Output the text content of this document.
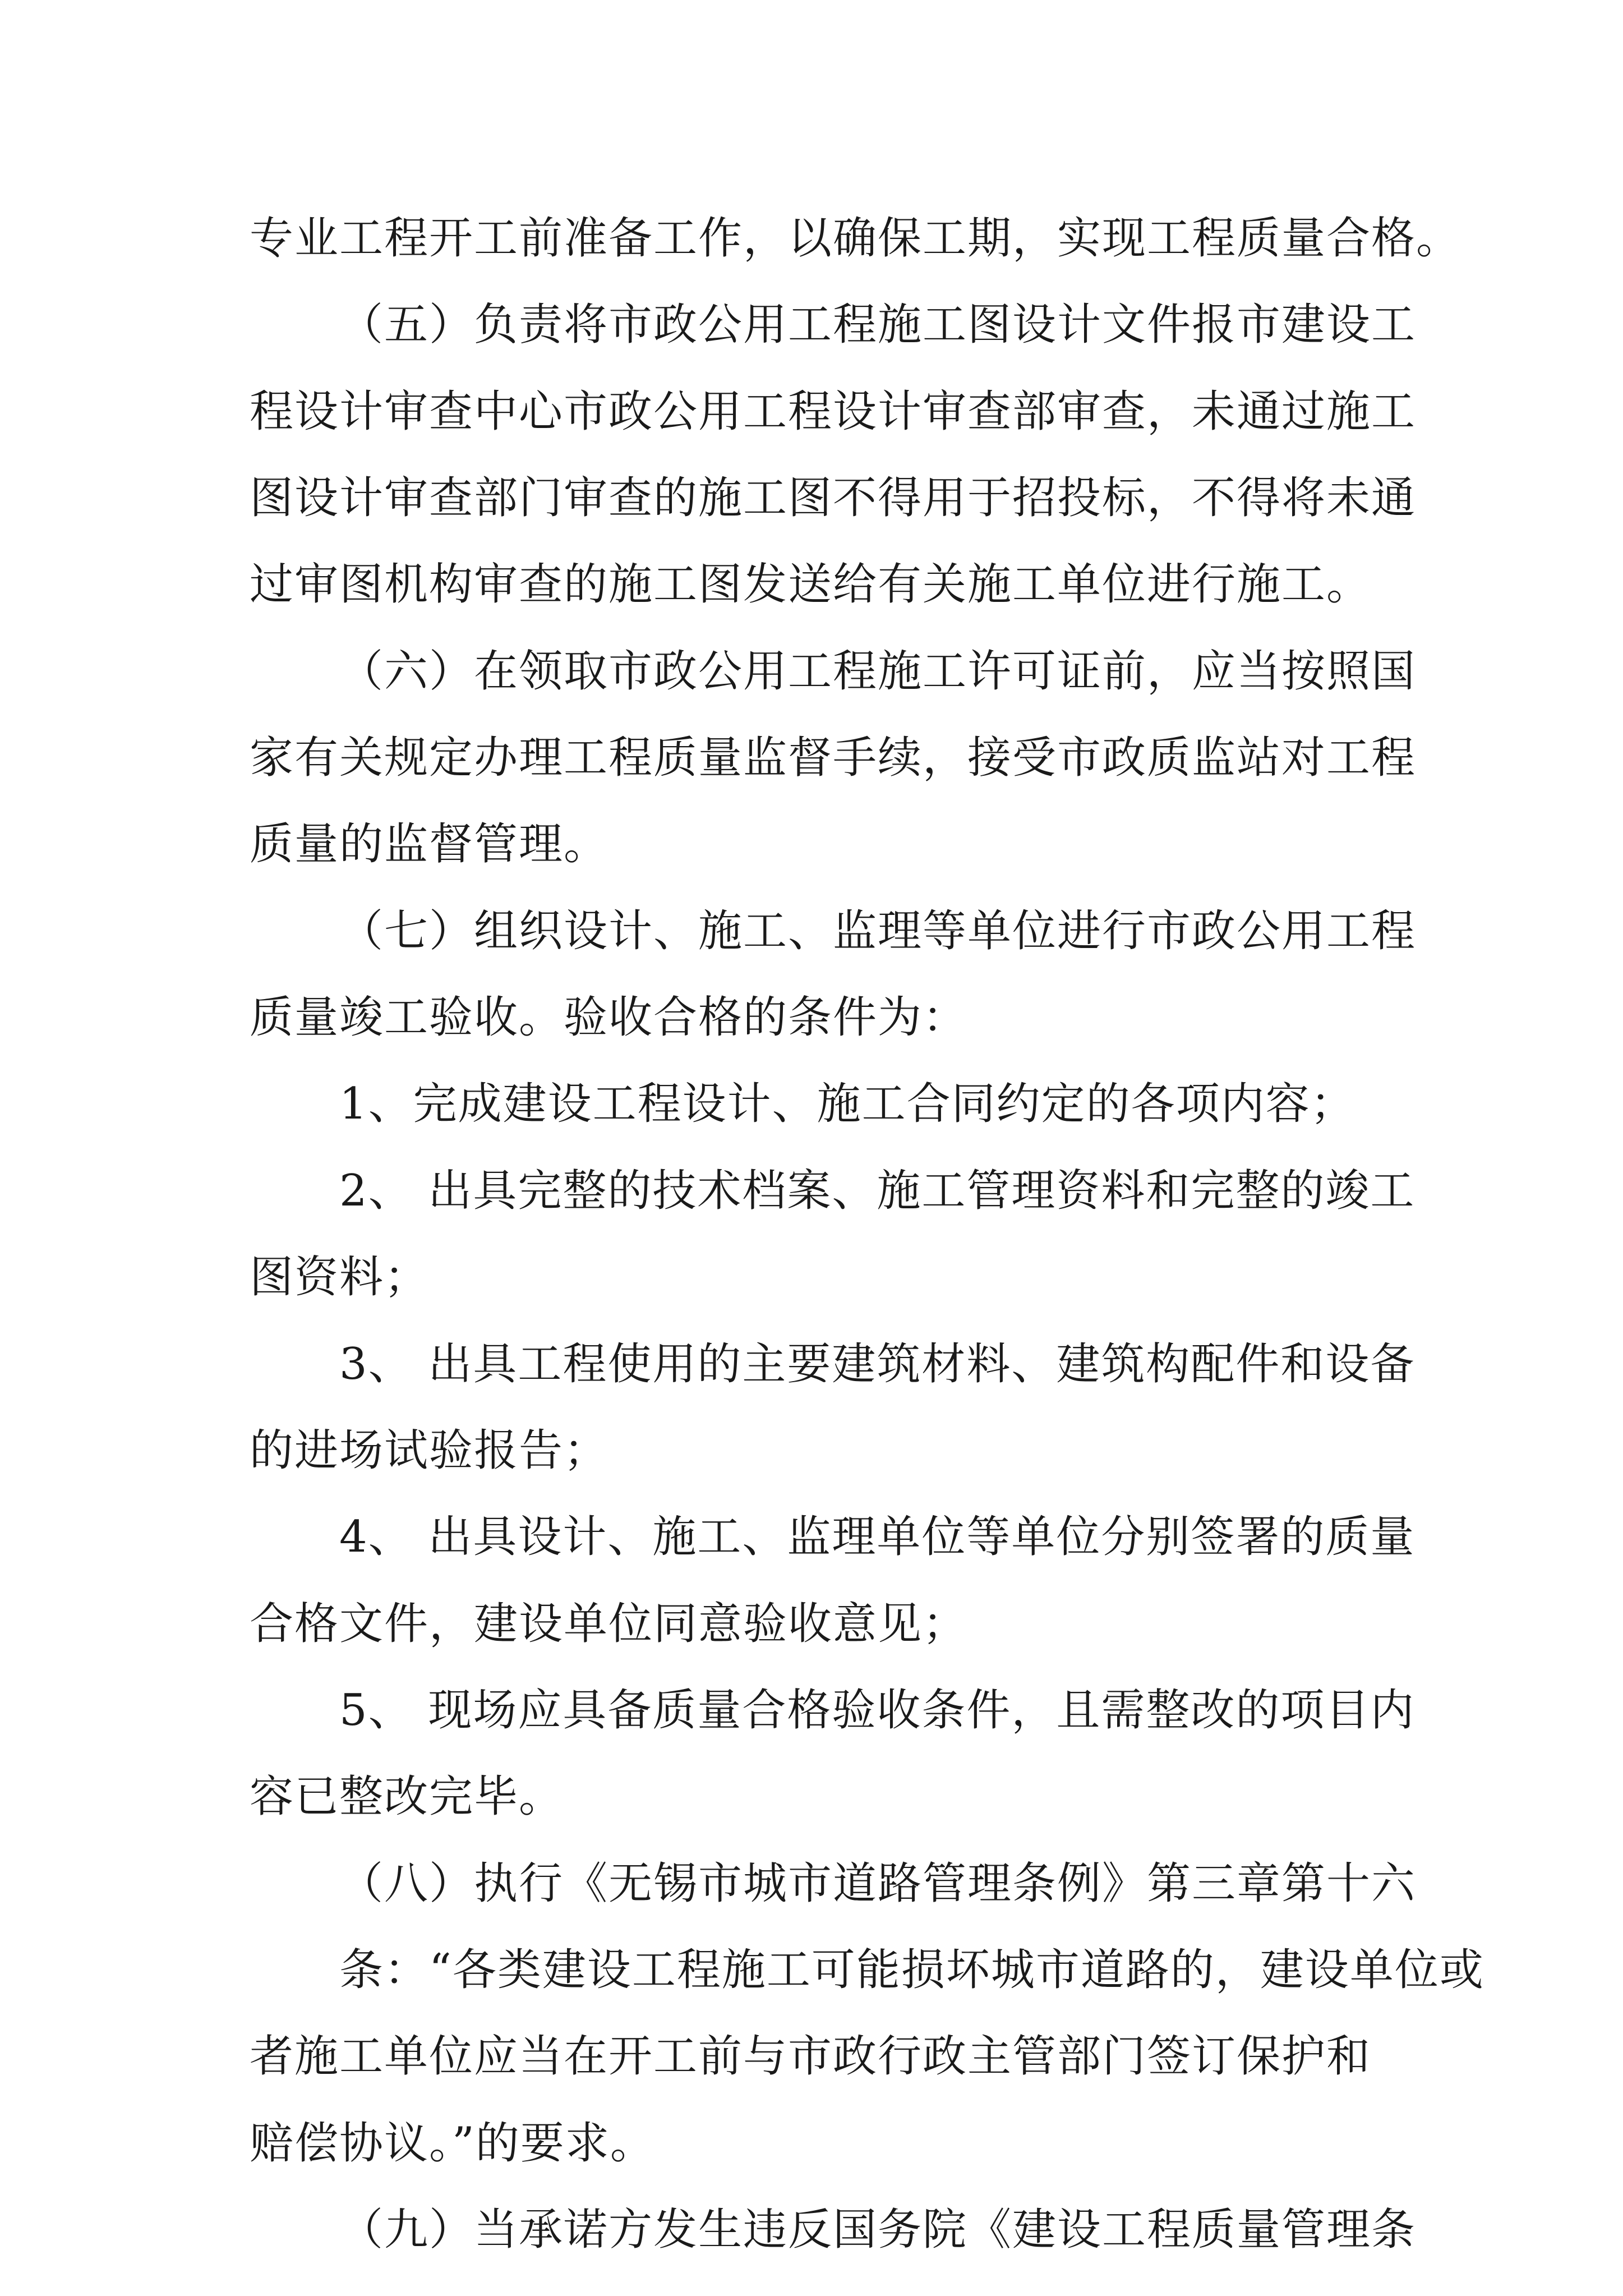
专业工程开工前准备工作，以确保工期，实现工程质量合格。
（五）负责将市政公用工程施工图设计文件报市建设工
程设计审查中心市政公用工程设计审查部审查，未通过施工
图设计审查部门审查的施工图不得用于招投标，不得将未通
过审图机构审查的施工图发送给有关施工单位进行施工。
（六）在领取市政公用工程施工许可证前，应当按照国
家有关规定办理工程质量监督手续，接受市政质监站对工程
质量的监督管理。
（七）组织设计、施工、监理等单位进行市政公用工程
质量竣工验收。验收合格的条件为：
1、完成建设工程设计、施工合同约定的各项内容；
2、 出具完整的技术档案、施工管理资料和完整的竣工
图资料；
3、 出具工程使用的主要建筑材料、建筑构配件和设备
的进场试验报告；
4、 出具设计、施工、监理单位等单位分别签署的质量
合格文件，建设单位同意验收意见；
5、 现场应具备质量合格验收条件，且需整改的项目内
容已整改完毕。
（八）执行《无锡市城市道路管理条例》第三章第十六
条：“各类建设工程施工可能损坏城市道路的，建设单位或
者施工单位应当在开工前与市政行政主管部门签订保护和
赔偿协议。”的要求。
（九）当承诺方发生违反国务院《建设工程质量管理条
